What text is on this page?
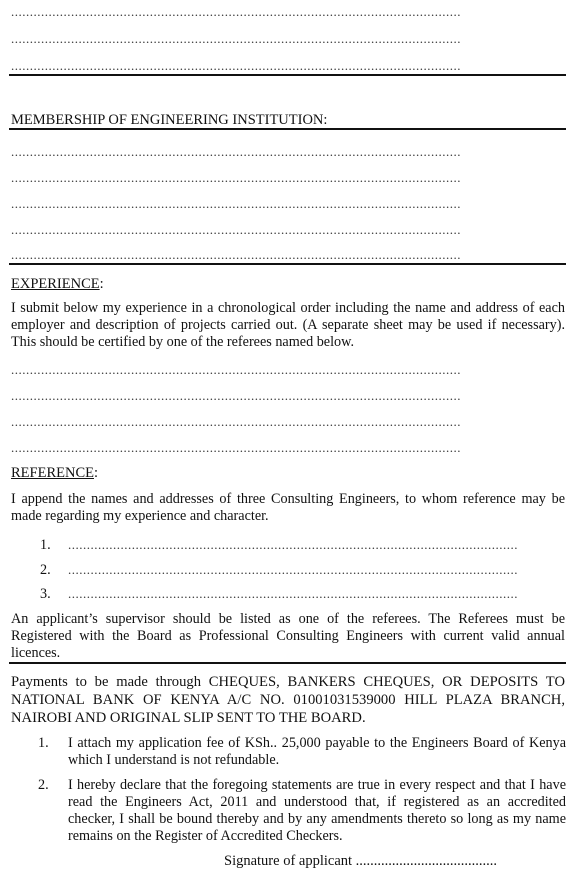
........................................................................................................................
........................................................................................................................
........................................................................................................................
MEMBERSHIP OF ENGINEERING INSTITUTION:
........................................................................................................................
........................................................................................................................
........................................................................................................................
........................................................................................................................
........................................................................................................................
EXPERIENCE:
I submit below my experience in a chronological order including the name and address of each employer and description of projects carried out. (A separate sheet may be used if necessary). This should be certified by one of the referees named below.
........................................................................................................................
........................................................................................................................
........................................................................................................................
........................................................................................................................
REFERENCE:
I append the names and addresses of three Consulting Engineers, to whom reference may be made regarding my experience and character.
1. ........................................................................................................................
2. ........................................................................................................................
3. ........................................................................................................................
An applicant’s supervisor should be listed as one of the referees. The Referees must be Registered with the Board as Professional Consulting Engineers with current valid annual licences.
Payments to be made through CHEQUES, BANKERS CHEQUES, OR DEPOSITS TO NATIONAL BANK OF KENYA A/C NO. 01001031539000 HILL PLAZA BRANCH, NAIROBI AND ORIGINAL SLIP SENT TO THE BOARD.
1. I attach my application fee of KSh.. 25,000 payable to the Engineers Board of Kenya which I understand is not refundable.
2. I hereby declare that the foregoing statements are true in every respect and that I have read the Engineers Act, 2011 and understood that, if registered as an accredited checker, I shall be bound thereby and by any amendments thereto so long as my name remains on the Register of Accredited Checkers.
Signature of applicant .......................................
